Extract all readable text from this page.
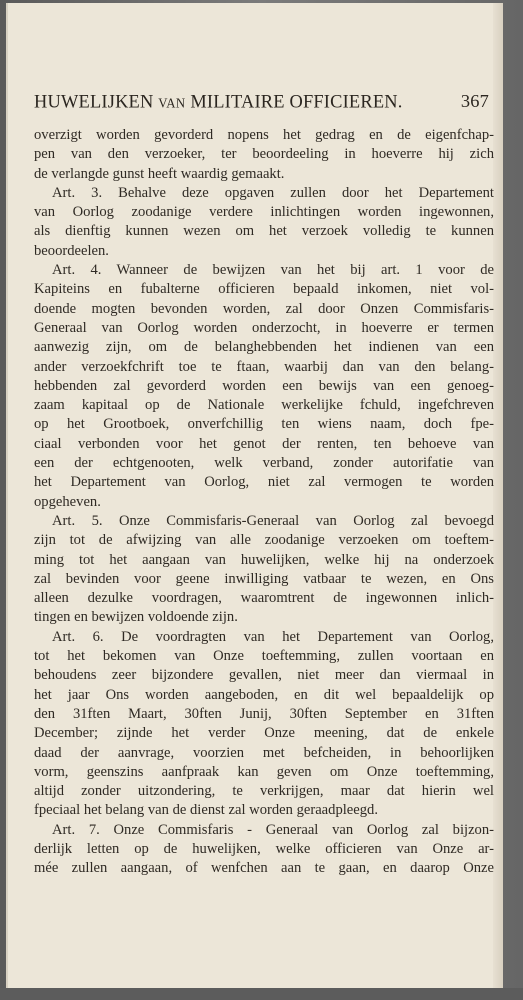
HUWELIJKEN VAN MILITAIRE OFFICIEREN.	367
overzigt worden gevorderd nopens het gedrag en de eigenfchap-
pen van den verzoeker, ter beoordeeling in hoeverre hij zich
de verlangde gunst heeft waardig gemaakt.
Art. 3. Behalve deze opgaven zullen door het Departement
van Oorlog zoodanige verdere inlichtingen worden ingewonnen,
als dienftig kunnen wezen om het verzoek volledig te kunnen
beoordeelen.
Art. 4. Wanneer de bewijzen van het bij art. 1 voor de
Kapiteins en fubalterne officieren bepaald inkomen, niet vol-
doende mogten bevonden worden, zal door Onzen Commisfaris-
Generaal van Oorlog worden onderzocht, in hoeverre er termen
aanwezig zijn, om de belanghebbenden het indienen van een
ander verzoekfchrift toe te ftaan, waarbij dan van den belang-
hebbenden zal gevorderd worden een bewijs van een genoeg-
zaam kapitaal op de Nationale werkelijke fchuld, ingefchreven
op het Grootboek, onverfchillig ten wiens naam, doch fpe-
ciaal verbonden voor het genot der renten, ten behoeve van
een der echtgenooten, welk verband, zonder autorifatie van
het Departement van Oorlog, niet zal vermogen te worden
opgeheven.
Art. 5. Onze Commisfaris-Generaal van Oorlog zal bevoegd
zijn tot de afwijzing van alle zoodanige verzoeken om toeftem-
ming tot het aangaan van huwelijken, welke hij na onderzoek
zal bevinden voor geene inwilliging vatbaar te wezen, en Ons
alleen dezulke voordragen, waaromtrent de ingewonnen inlich-
tingen en bewijzen voldoende zijn.
Art. 6. De voordragten van het Departement van Oorlog,
tot het bekomen van Onze toeftemming, zullen voortaan en
behoudens zeer bijzondere gevallen, niet meer dan viermaal in
het jaar Ons worden aangeboden, en dit wel bepaaldelijk op
den 31ften Maart, 30ften Junij, 30ften September en 31ften
December; zijnde het verder Onze meening, dat de enkele
daad der aanvrage, voorzien met befcheiden, in behoorlijken
vorm, geenszins aanfpraak kan geven om Onze toeftemming,
altijd zonder uitzondering, te verkrijgen, maar dat hierin wel
fpeciaal het belang van de dienst zal worden geraadpleegd.
Art. 7. Onze Commisfaris - Generaal van Oorlog zal bijzon-
derlijk letten op de huwelijken, welke officieren van Onze ar-
mée zullen aangaan, of wenfchen aan te gaan, en daarop Onze
